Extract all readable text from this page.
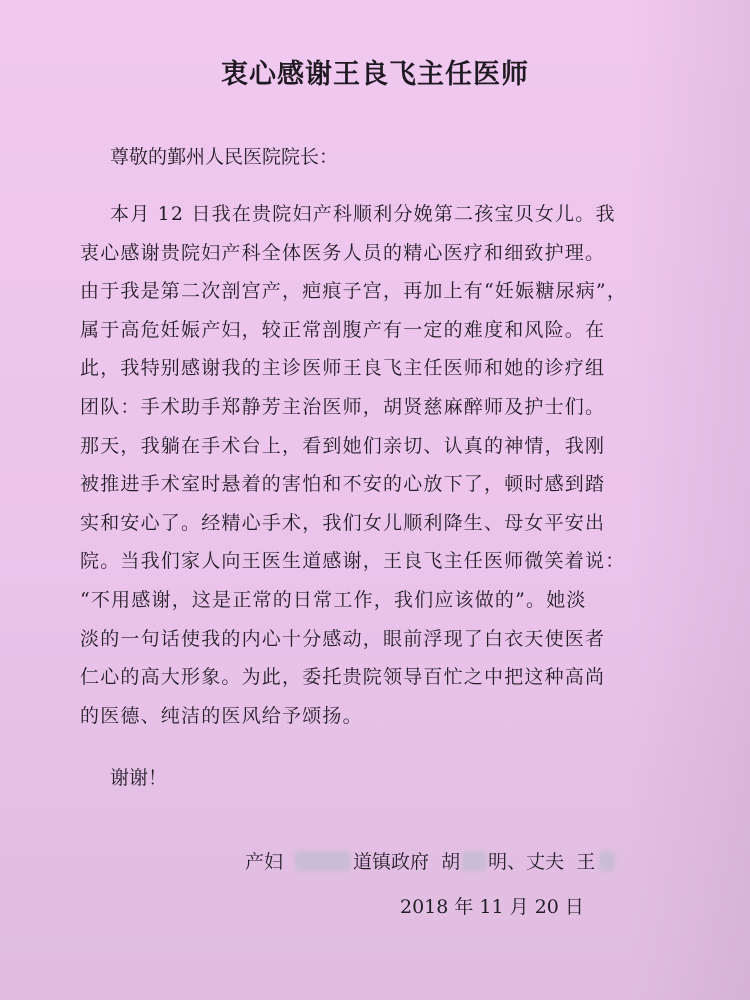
衷心感谢王良飞主任医师
尊敬的鄞州人民医院院长：
本月 12 日我在贵院妇产科顺利分娩第二孩宝贝女儿。我
衷心感谢贵院妇产科全体医务人员的精心医疗和细致护理。
由于我是第二次剖宫产，疤痕子宫，再加上有“妊娠糖尿病”，
属于高危妊娠产妇，较正常剖腹产有一定的难度和风险。在
此，我特别感谢我的主诊医师王良飞主任医师和她的诊疗组
团队：手术助手郑静芳主治医师，胡贤慈麻醉师及护士们。
那天，我躺在手术台上，看到她们亲切、认真的神情，我刚
被推进手术室时悬着的害怕和不安的心放下了，顿时感到踏
实和安心了。经精心手术，我们女儿顺利降生、母女平安出
院。当我们家人向王医生道感谢，王良飞主任医师微笑着说：
“不用感谢，这是正常的日常工作，我们应该做的”。她淡
淡的一句话使我的内心十分感动，眼前浮现了白衣天使医者
仁心的高大形象。为此，委托贵院领导百忙之中把这种高尚
的医德、纯洁的医风给予颂扬。
谢谢！
产妇	道镇政府 胡 明、丈夫 王
2018 年 11 月 20 日
